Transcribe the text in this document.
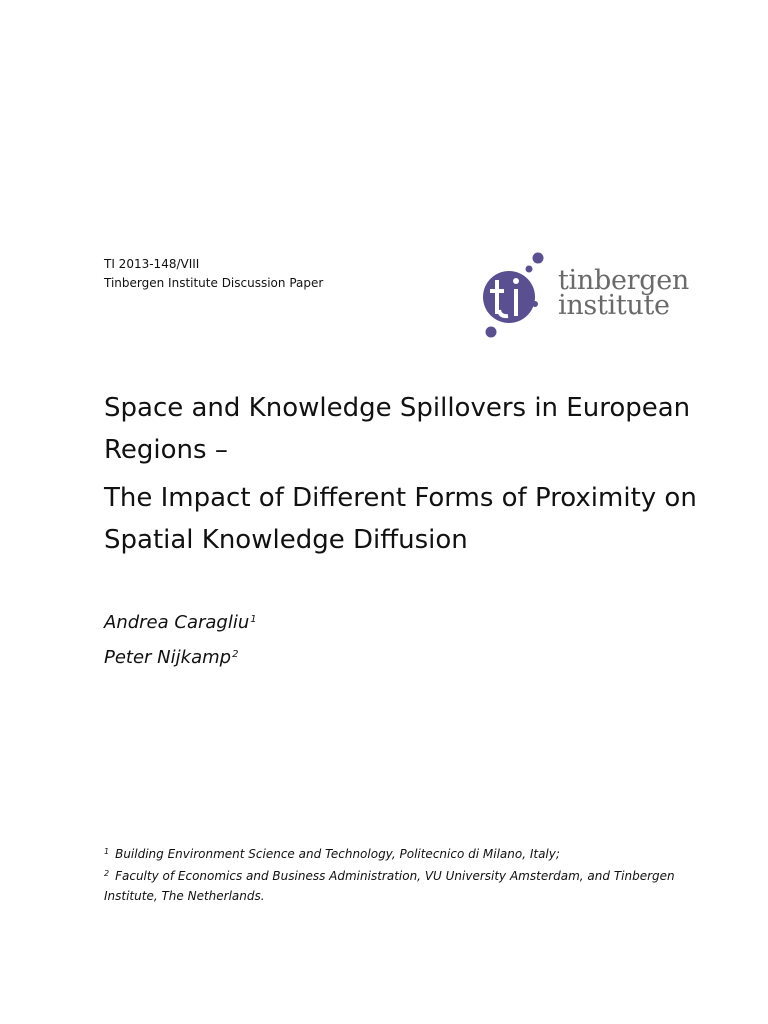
TI 2013-148/VIII
Tinbergen Institute Discussion Paper	tinbergen
institute
Space and Knowledge Spillovers in European Regions –
The Impact of Different Forms of Proximity on Spatial Knowledge Diffusion
Andrea Caragliu$^1$
Peter Nijkamp$^2$
$^1$ Building Environment Science and Technology, Politecnico di Milano, Italy;
$^2$ Faculty of Economics and Business Administration, VU University Amsterdam, and Tinbergen Institute, The Netherlands.
